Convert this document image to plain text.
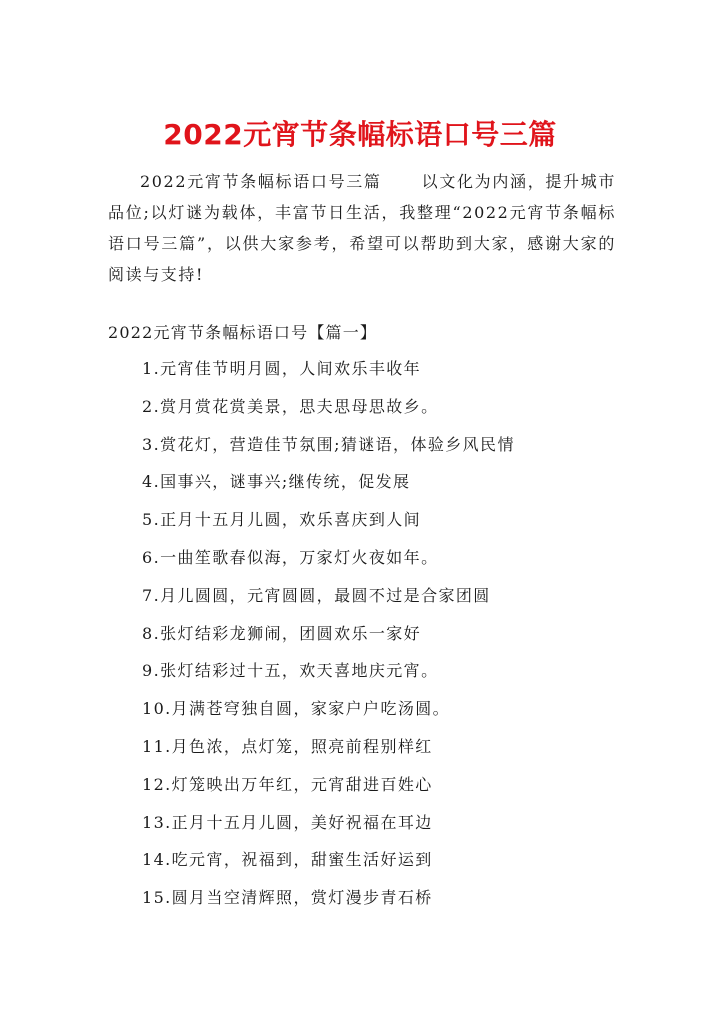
2022元宵节条幅标语口号三篇

2022元宵节条幅标语口号三篇	以文化为内涵，提升城市品位;以灯谜为载体，丰富节日生活，我整理“2022元宵节条幅标语口号三篇”，以供大家参考，希望可以帮助到大家，感谢大家的阅读与支持!

2022元宵节条幅标语口号【篇一】

1.元宵佳节明月圆，人间欢乐丰收年
2.赏月赏花赏美景，思夫思母思故乡。
3.赏花灯，营造佳节氛围;猜谜语，体验乡风民情
4.国事兴，谜事兴;继传统，促发展
5.正月十五月儿圆，欢乐喜庆到人间
6.一曲笙歌春似海，万家灯火夜如年。
7.月儿圆圆，元宵圆圆，最圆不过是合家团圆
8.张灯结彩龙狮闹，团圆欢乐一家好
9.张灯结彩过十五，欢天喜地庆元宵。
10.月满苍穹独自圆，家家户户吃汤圆。
11.月色浓，点灯笼，照亮前程别样红
12.灯笼映出万年红，元宵甜进百姓心
13.正月十五月儿圆，美好祝福在耳边
14.吃元宵，祝福到，甜蜜生活好运到
15.圆月当空清辉照，赏灯漫步青石桥
